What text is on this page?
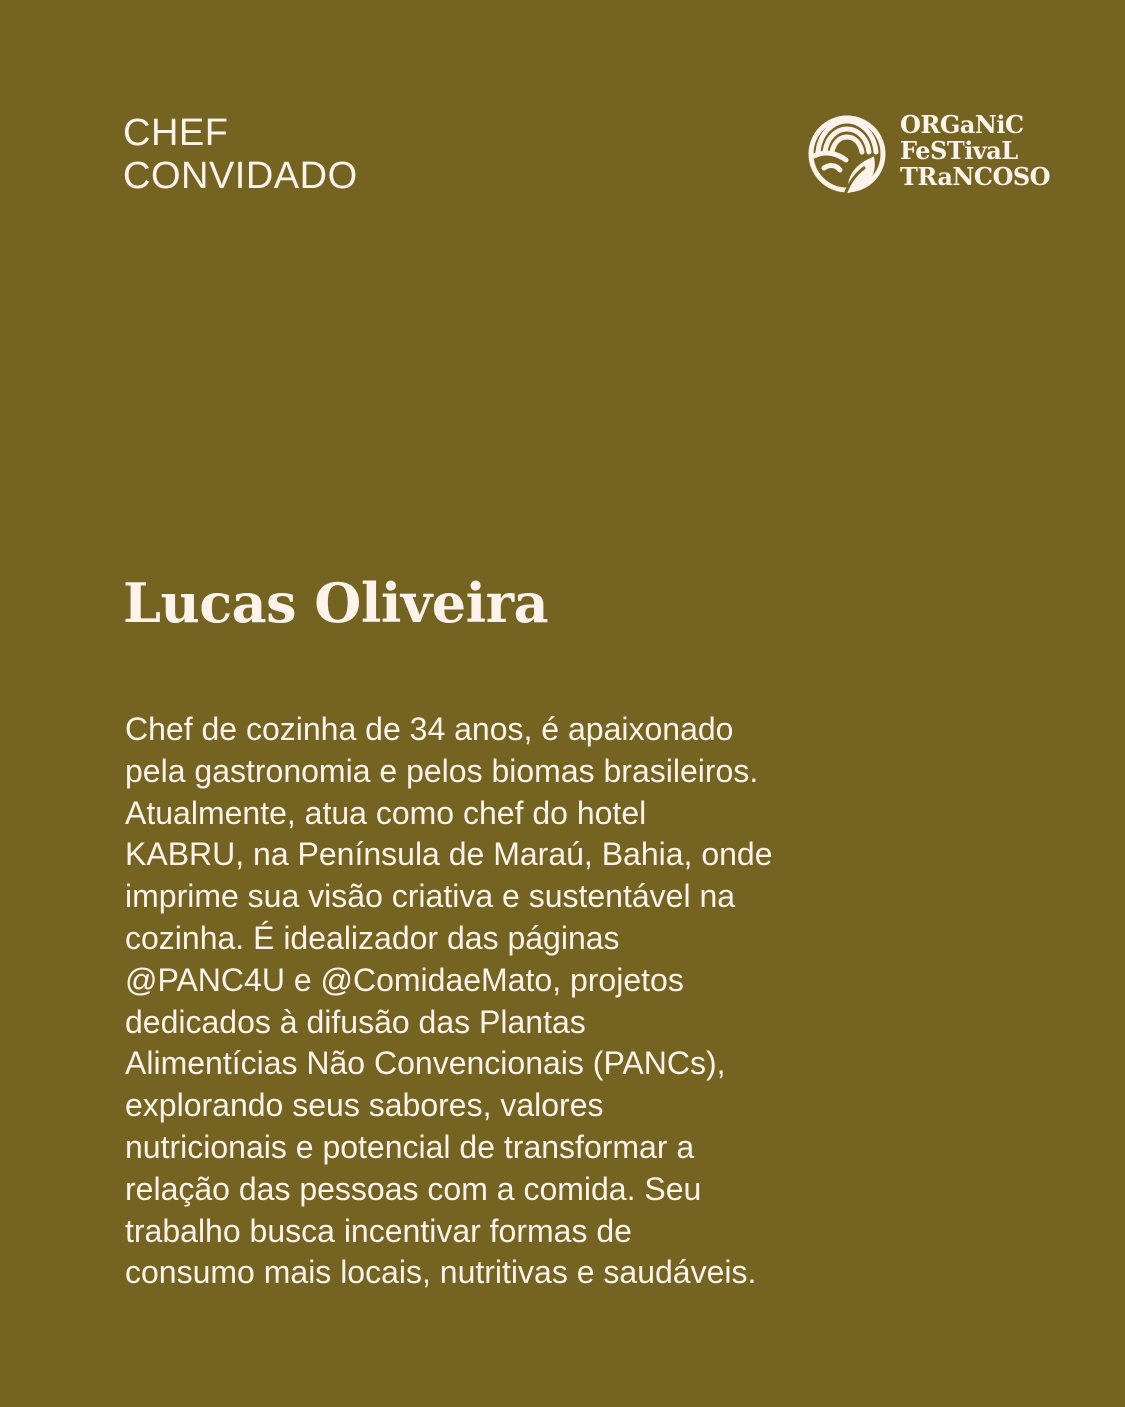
CHEF
CONVIDADO
ORGaNiC
FeSTivaL
TRaNCOSO
Lucas Oliveira

Chef de cozinha de 34 anos, é apaixonado
pela gastronomia e pelos biomas brasileiros.
Atualmente, atua como chef do hotel
KABRU, na Península de Maraú, Bahia, onde
imprime sua visão criativa e sustentável na
cozinha. É idealizador das páginas
@PANC4U e @ComidaeMato, projetos
dedicados à difusão das Plantas
Alimentícias Não Convencionais (PANCs),
explorando seus sabores, valores
nutricionais e potencial de transformar a
relação das pessoas com a comida. Seu
trabalho busca incentivar formas de
consumo mais locais, nutritivas e saudáveis.
